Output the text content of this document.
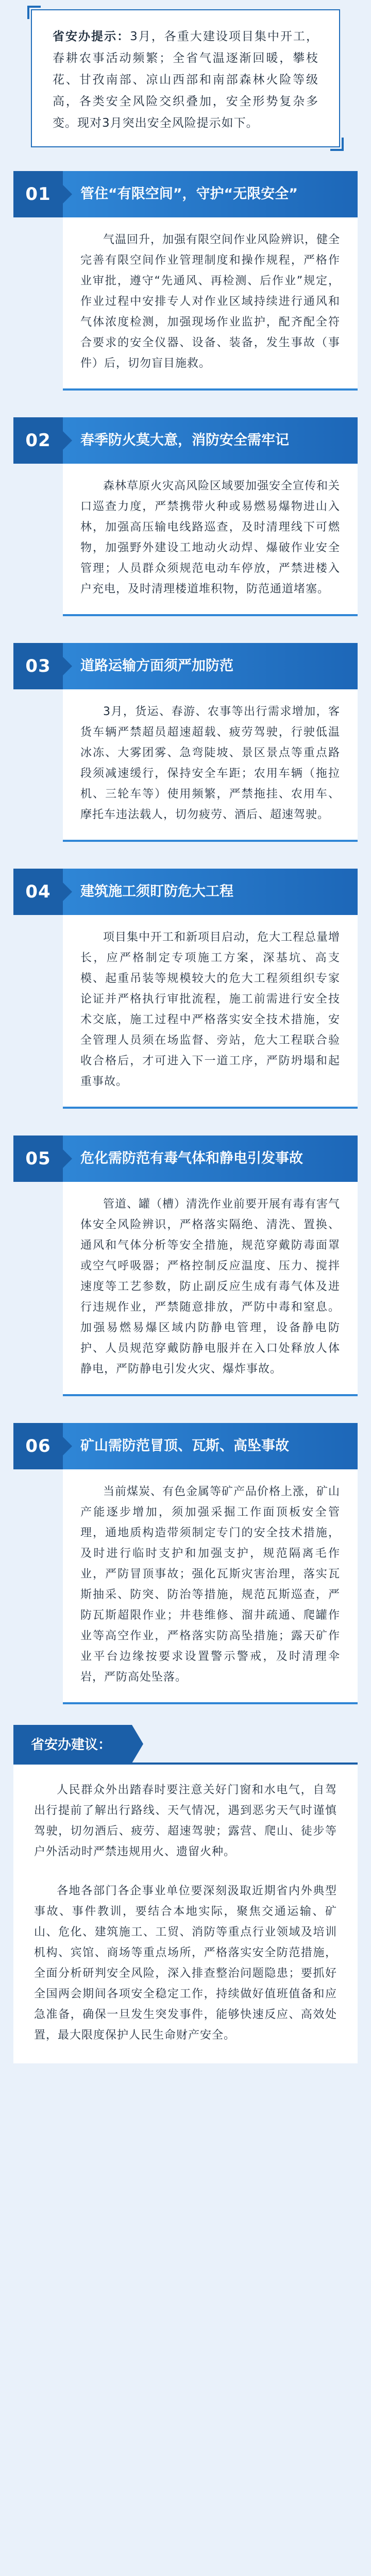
省安办提示：3月，各重大建设项目集中开工，春耕农事活动频繁；全省气温逐渐回暖，攀枝花、甘孜南部、凉山西部和南部森林火险等级高，各类安全风险交织叠加，安全形势复杂多变。现对3月突出安全风险提示如下。

01	管住“有限空间”，守护“无限安全”

气温回升，加强有限空间作业风险辨识，健全完善有限空间作业管理制度和操作规程，严格作业审批，遵守“先通风、再检测、后作业”规定，作业过程中安排专人对作业区域持续进行通风和气体浓度检测，加强现场作业监护，配齐配全符合要求的安全仪器、设备、装备，发生事故（事件）后，切勿盲目施救。

02	春季防火莫大意，消防安全需牢记

森林草原火灾高风险区域要加强安全宣传和关口巡查力度，严禁携带火种或易燃易爆物进山入林，加强高压输电线路巡查，及时清理线下可燃物，加强野外建设工地动火动焊、爆破作业安全管理；人员群众须规范电动车停放，严禁进楼入户充电，及时清理楼道堆积物，防范通道堵塞。

03	道路运输方面须严加防范

3月，货运、春游、农事等出行需求增加，客货车辆严禁超员超速超载、疲劳驾驶，行驶低温冰冻、大雾团雾、急弯陡坡、景区景点等重点路段须减速缓行，保持安全车距；农用车辆（拖拉机、三轮车等）使用频繁，严禁拖挂、农用车、摩托车违法载人，切勿疲劳、酒后、超速驾驶。

04	建筑施工须盯防危大工程

项目集中开工和新项目启动，危大工程总量增长，应严格制定专项施工方案，深基坑、高支模、起重吊装等规模较大的危大工程须组织专家论证并严格执行审批流程，施工前需进行安全技术交底，施工过程中严格落实安全技术措施，安全管理人员须在场监督、旁站，危大工程联合验收合格后，才可进入下一道工序，严防坍塌和起重事故。

05	危化需防范有毒气体和静电引发事故

管道、罐（槽）清洗作业前要开展有毒有害气体安全风险辨识，严格落实隔绝、清洗、置换、通风和气体分析等安全措施，规范穿戴防毒面罩或空气呼吸器；严格控制反应温度、压力、搅拌速度等工艺参数，防止副反应生成有毒气体及进行违规作业，严禁随意排放，严防中毒和窒息。加强易燃易爆区域内防静电管理，设备静电防护、人员规范穿戴防静电服并在入口处释放人体静电，严防静电引发火灾、爆炸事故。

06	矿山需防范冒顶、瓦斯、高坠事故

当前煤炭、有色金属等矿产品价格上涨，矿山产能逐步增加，须加强采掘工作面顶板安全管理，通地质构造带须制定专门的安全技术措施，及时进行临时支护和加强支护，规范隔离毛作业，严防冒顶事故；强化瓦斯灾害治理，落实瓦斯抽采、防突、防治等措施，规范瓦斯巡查，严防瓦斯超限作业；井巷维修、溜井疏通、爬罐作业等高空作业，严格落实防高坠措施；露天矿作业平台边缘按要求设置警示警戒，及时清理伞岩，严防高处坠落。

省安办建议：

人民群众外出踏春时要注意关好门窗和水电气，自驾出行提前了解出行路线、天气情况，遇到恶劣天气时谨慎驾驶，切勿酒后、疲劳、超速驾驶；露营、爬山、徒步等户外活动时严禁违规用火、遗留火种。

各地各部门各企事业单位要深刻汲取近期省内外典型事故、事件教训，要结合本地实际，聚焦交通运输、矿山、危化、建筑施工、工贸、消防等重点行业领域及培训机构、宾馆、商场等重点场所，严格落实安全防范措施，全面分析研判安全风险，深入排查整治问题隐患；要抓好全国两会期间各项安全稳定工作，持续做好值班值备和应急准备，确保一旦发生突发事件，能够快速反应、高效处置，最大限度保护人民生命财产安全。
